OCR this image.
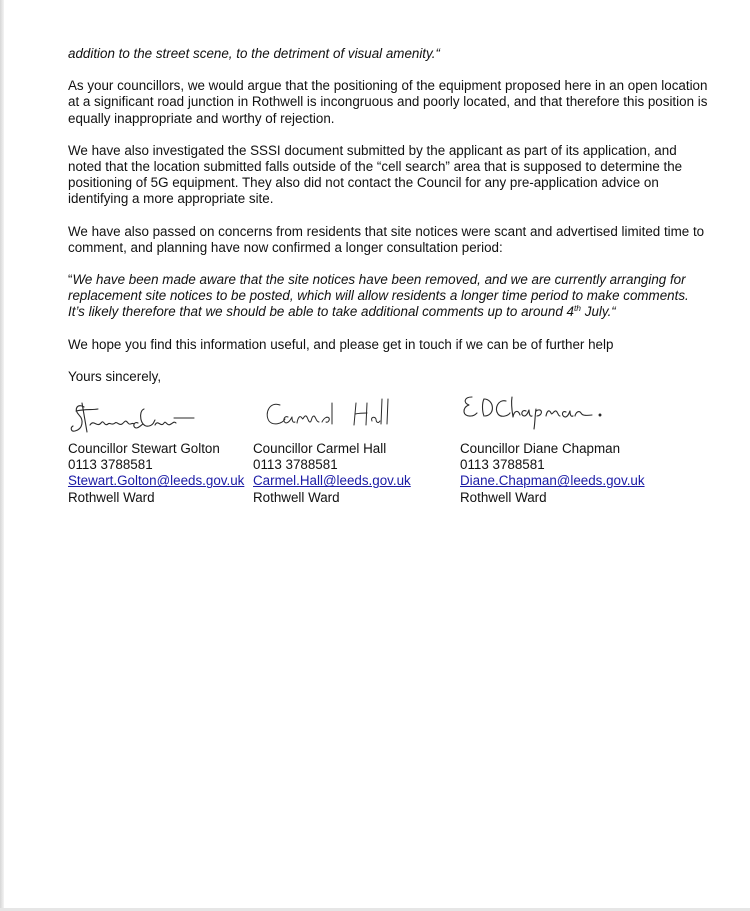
addition to the street scene, to the detriment of visual amenity.“

As your councillors, we would argue that the positioning of the equipment proposed here in an open location at a significant road junction in Rothwell is incongruous and poorly located, and that therefore this position is equally inappropriate and worthy of rejection.

We have also investigated the SSSI document submitted by the applicant as part of its application, and noted that the location submitted falls outside of the “cell search” area that is supposed to determine the positioning of 5G equipment. They also did not contact the Council for any pre-application advice on identifying a more appropriate site.

We have also passed on concerns from residents that site notices were scant and advertised limited time to comment, and planning have now confirmed a longer consultation period:

“We have been made aware that the site notices have been removed, and we are currently arranging for replacement site notices to be posted, which will allow residents a longer time period to make comments. It’s likely therefore that we should be able to take additional comments up to around 4th July.“

We hope you find this information useful, and please get in touch if we can be of further help

Yours sincerely,

Councillor Stewart Golton
0113 3788581
Stewart.Golton@leeds.gov.uk
Rothwell Ward
Councillor Carmel Hall
0113 3788581
Carmel.Hall@leeds.gov.uk
Rothwell Ward
Councillor Diane Chapman
0113 3788581
Diane.Chapman@leeds.gov.uk
Rothwell Ward
